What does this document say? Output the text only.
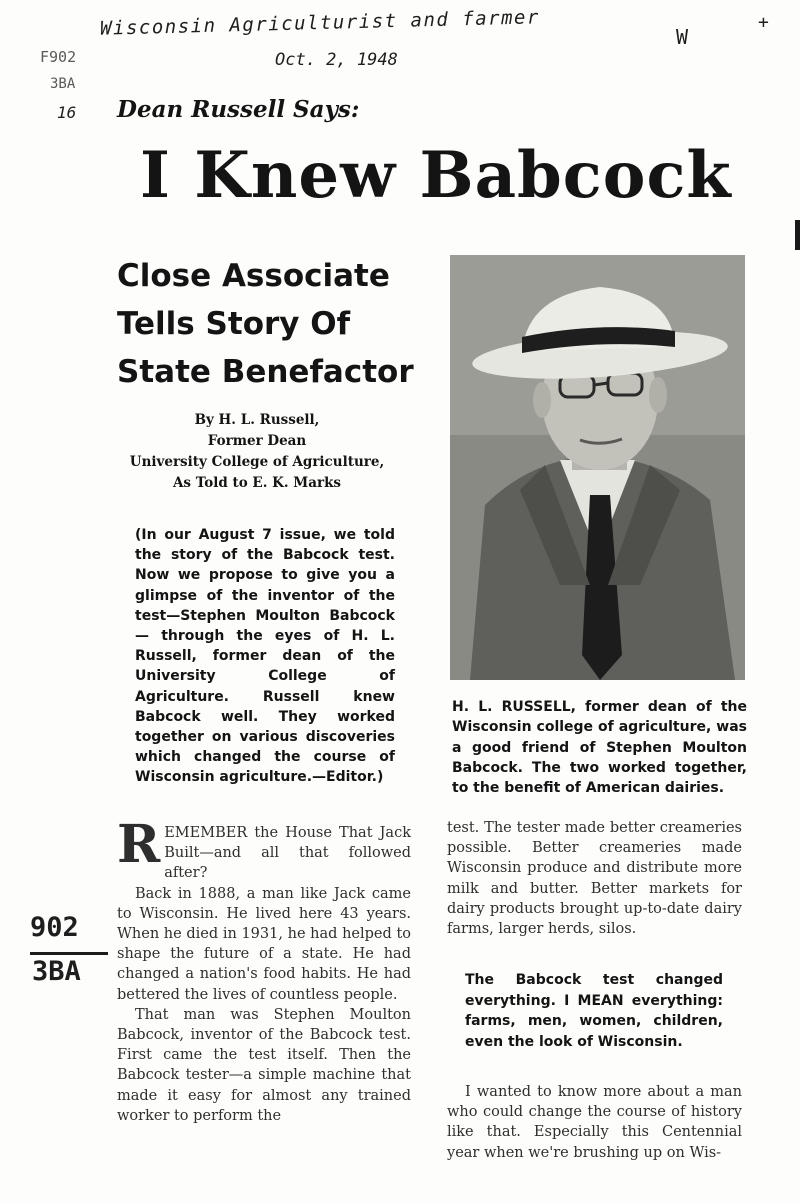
Wisconsin Agriculturist and farmer
Oct. 2, 1948
W
+
F902
3BA
16 Dean Russell Says:
I Knew Babcock
Close Associate
Tells Story Of
State Benefactor
By H. L. Russell,
Former Dean
University College of Agriculture,
As Told to E. K. Marks

(In our August 7 issue, we told the story of the Babcock test. Now we propose to give you a glimpse of the inventor of the test—Stephen Moulton Babcock — through the eyes of H. L. Russell, former dean of the University College of Agriculture. Russell knew Babcock well. They worked together on various discoveries which changed the course of Wisconsin agriculture.—Editor.)

H. L. RUSSELL, former dean of the Wisconsin college of agriculture, was a good friend of Stephen Moulton Babcock. The two worked together, to the benefit of American dairies.

REMEMBER the House That Jack Built—and all that followed after?

Back in 1888, a man like Jack came to Wisconsin. He lived here 43 years. When he died in 1931, he had helped to shape the future of a state. He had changed a nation's food habits. He had bettered the lives of countless people.

That man was Stephen Moulton Babcock, inventor of the Babcock test. First came the test itself. Then the Babcock tester—a simple machine that made it easy for almost any trained worker to perform the

test. The tester made better creameries possible. Better creameries made Wisconsin produce and distribute more milk and butter. Better markets for dairy products brought up-to-date dairy farms, larger herds, silos.

The Babcock test changed everything. I MEAN everything: farms, men, women, children, even the look of Wisconsin.

I wanted to know more about a man who could change the course of history like that. Especially this Centennial year when we're brushing up on Wis-

902
3BA
